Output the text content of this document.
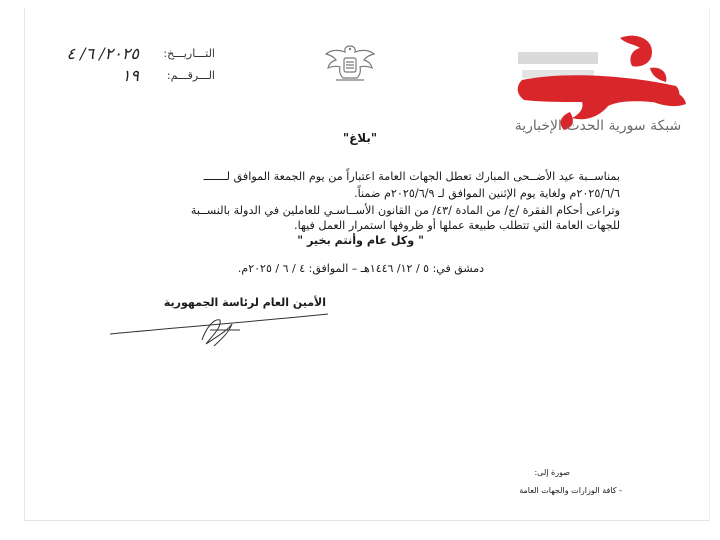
التـــاريـــخ:
٢٠٢٥/ ٦/ ٤
الـــرقـــم:
١٩
شبكة سورية الحدث الإخبارية
"بلاغ"
بمناســبة عيد الأضــحى المبارك تعطل الجهات العامة اعتباراً من يوم الجمعة الموافق لـــــــ
٢٠٢٥/٦/٦م ولغاية يوم الإثنين الموافق لـ ٢٠٢٥/٦/٩م ضمناً.
وتراعى أحكام الفقرة /ج/ من المادة /٤٣/ من القانون الأســاسـي للعاملين في الدولة بالنســبة
للجهات العامة التي تتطلب طبيعة عملها أو ظروفها استمرار العمل فيها.
" وكل عام وأنتم بخير "
دمشق في: ٥ / ١٢/ ١٤٤٦هـ – الموافق: ٤ / ٦ / ٢٠٢٥م.
الأمين العام لرئاسة الجمهورية
صورة إلى:
- كافة الوزارات والجهات العامة
